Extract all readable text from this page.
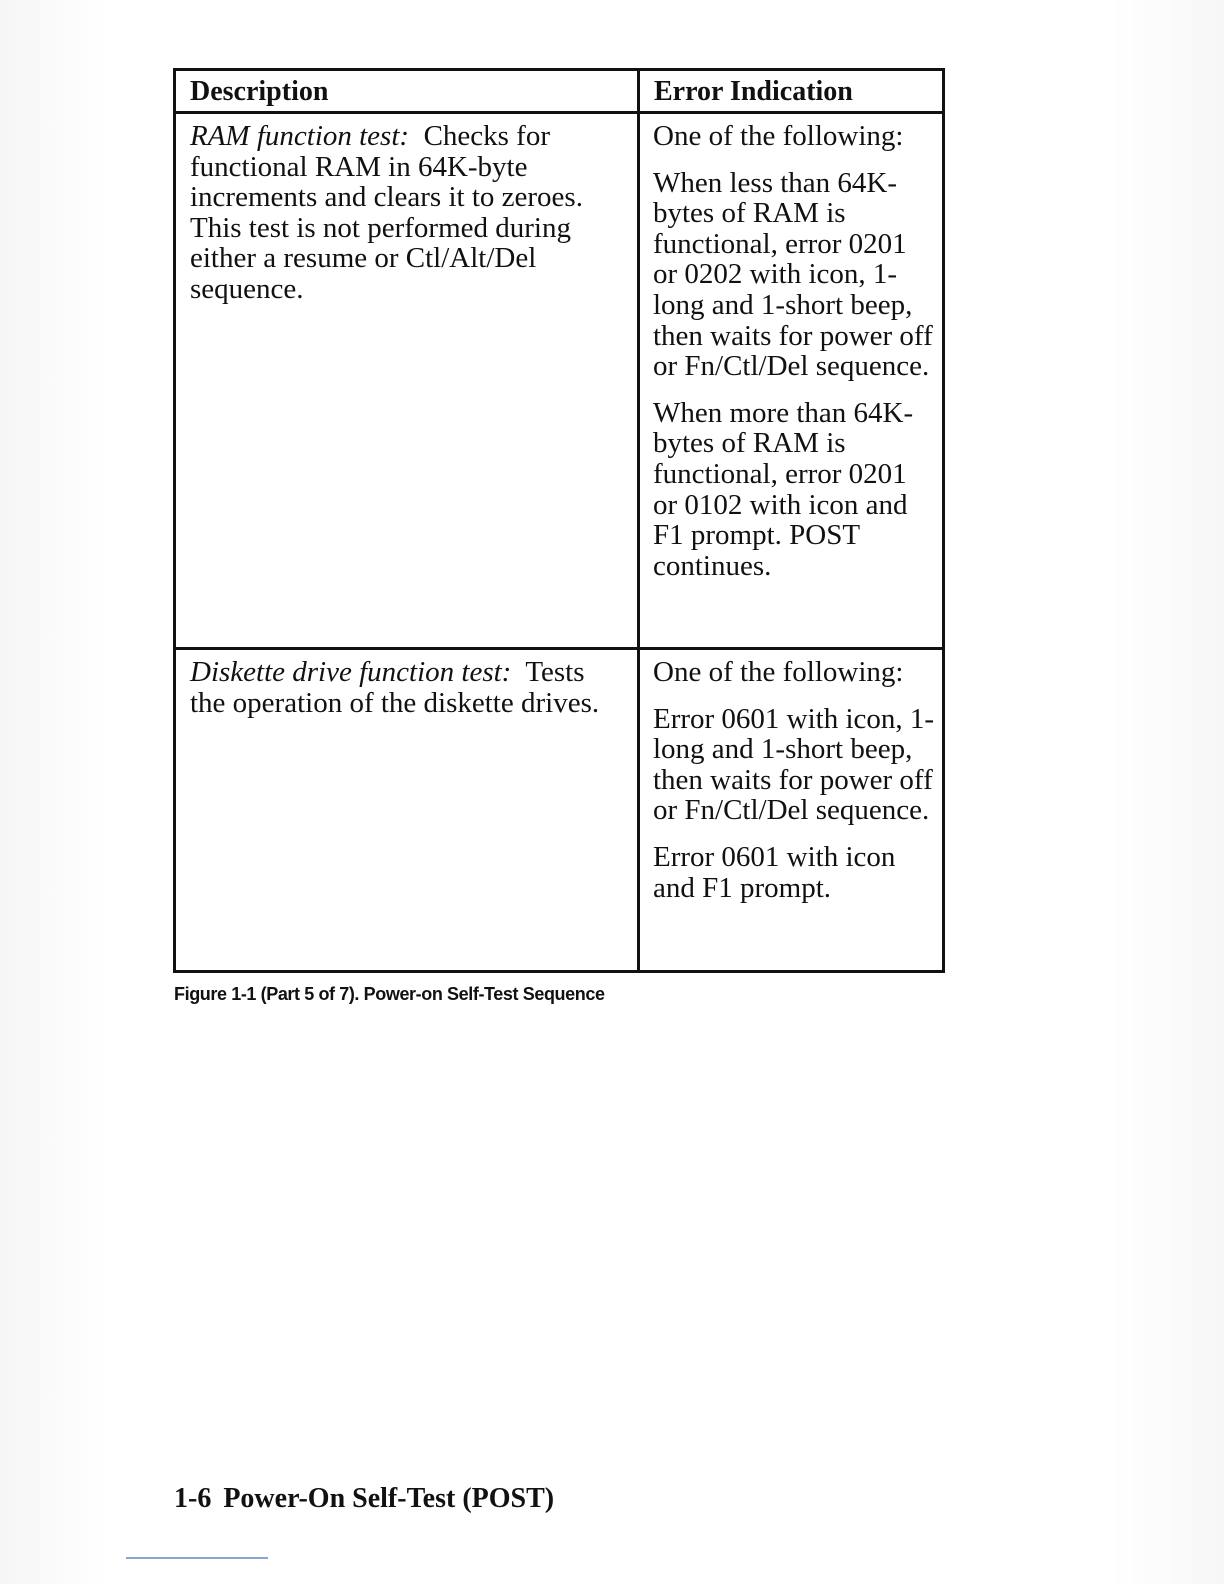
Description	Error Indication
RAM function test: Checks for functional RAM in 64K-byte increments and clears it to zeroes. This test is not performed during either a resume or Ctl/Alt/Del sequence.	One of the following:

When less than 64K-bytes of RAM is functional, error 0201 or 0202 with icon, 1-long and 1-short beep, then waits for power off or Fn/Ctl/Del sequence.

When more than 64K-bytes of RAM is functional, error 0201 or 0102 with icon and F1 prompt. POST continues.

Diskette drive function test: Tests the operation of the diskette drives.	One of the following:

Error 0601 with icon, 1-long and 1-short beep, then waits for power off or Fn/Ctl/Del sequence.

Error 0601 with icon and F1 prompt.

Figure 1-1 (Part 5 of 7). Power-on Self-Test Sequence
1-6 Power-On Self-Test (POST)
